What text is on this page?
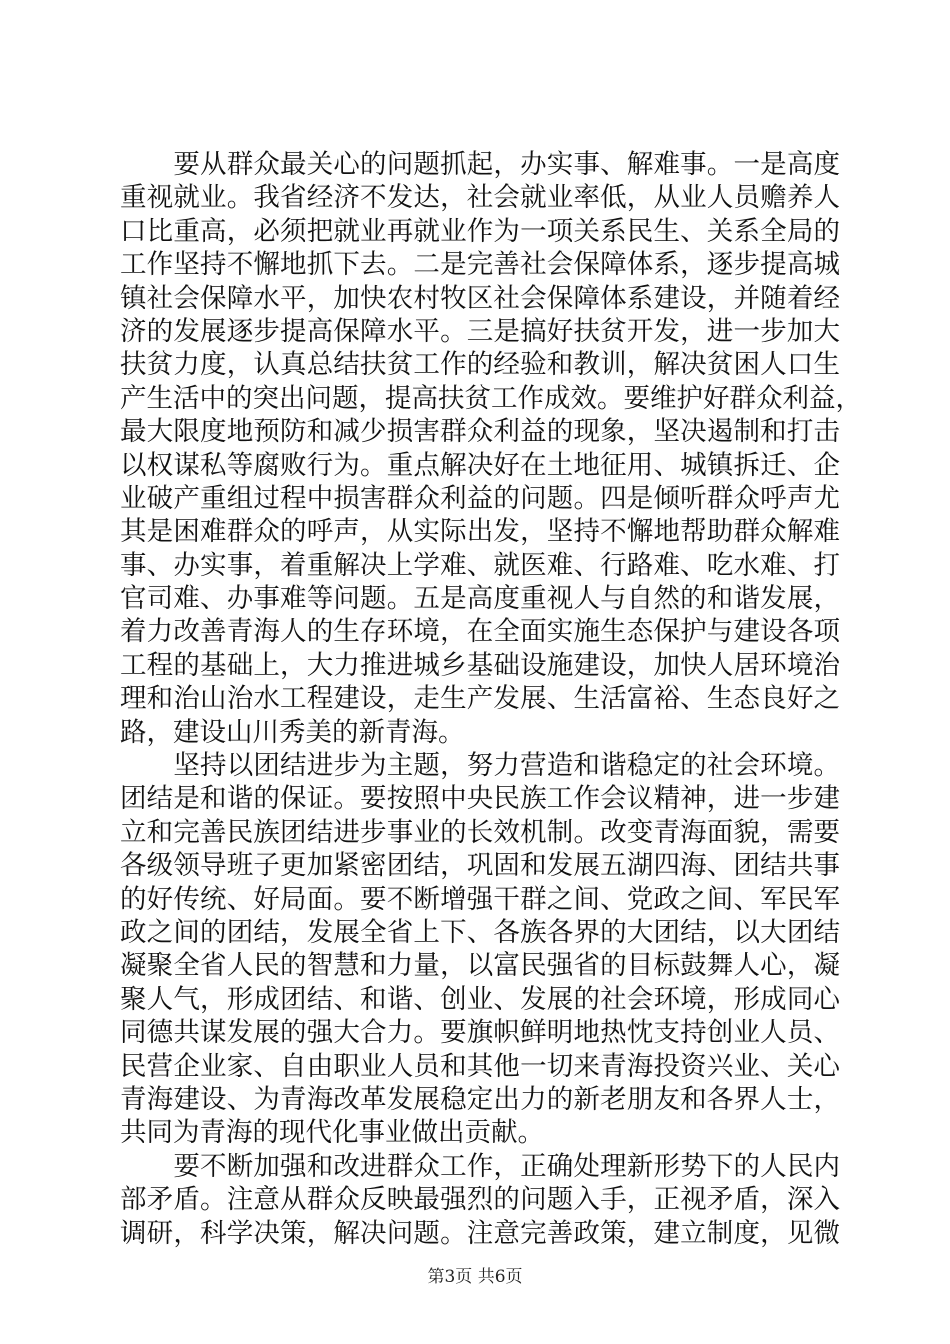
　　要从群众最关心的问题抓起，办实事、解难事。一是高度
重视就业。我省经济不发达，社会就业率低，从业人员赡养人
口比重高，必须把就业再就业作为一项关系民生、关系全局的
工作坚持不懈地抓下去。二是完善社会保障体系，逐步提高城
镇社会保障水平，加快农村牧区社会保障体系建设，并随着经
济的发展逐步提高保障水平。三是搞好扶贫开发，进一步加大
扶贫力度，认真总结扶贫工作的经验和教训，解决贫困人口生
产生活中的突出问题，提高扶贫工作成效。要维护好群众利益，
最大限度地预防和减少损害群众利益的现象，坚决遏制和打击
以权谋私等腐败行为。重点解决好在土地征用、城镇拆迁、企
业破产重组过程中损害群众利益的问题。四是倾听群众呼声尤
其是困难群众的呼声，从实际出发，坚持不懈地帮助群众解难
事、办实事，着重解决上学难、就医难、行路难、吃水难、打
官司难、办事难等问题。五是高度重视人与自然的和谐发展，
着力改善青海人的生存环境，在全面实施生态保护与建设各项
工程的基础上，大力推进城乡基础设施建设，加快人居环境治
理和治山治水工程建设，走生产发展、生活富裕、生态良好之
路，建设山川秀美的新青海。
　　坚持以团结进步为主题，努力营造和谐稳定的社会环境。
团结是和谐的保证。要按照中央民族工作会议精神，进一步建
立和完善民族团结进步事业的长效机制。改变青海面貌，需要
各级领导班子更加紧密团结，巩固和发展五湖四海、团结共事
的好传统、好局面。要不断增强干群之间、党政之间、军民军
政之间的团结，发展全省上下、各族各界的大团结，以大团结
凝聚全省人民的智慧和力量，以富民强省的目标鼓舞人心，凝
聚人气，形成团结、和谐、创业、发展的社会环境，形成同心
同德共谋发展的强大合力。要旗帜鲜明地热忱支持创业人员、
民营企业家、自由职业人员和其他一切来青海投资兴业、关心
青海建设、为青海改革发展稳定出力的新老朋友和各界人士，
共同为青海的现代化事业做出贡献。
　　要不断加强和改进群众工作，正确处理新形势下的人民内
部矛盾。注意从群众反映最强烈的问题入手，正视矛盾，深入
调研，科学决策，解决问题。注意完善政策，建立制度，见微
第3页 共6页
